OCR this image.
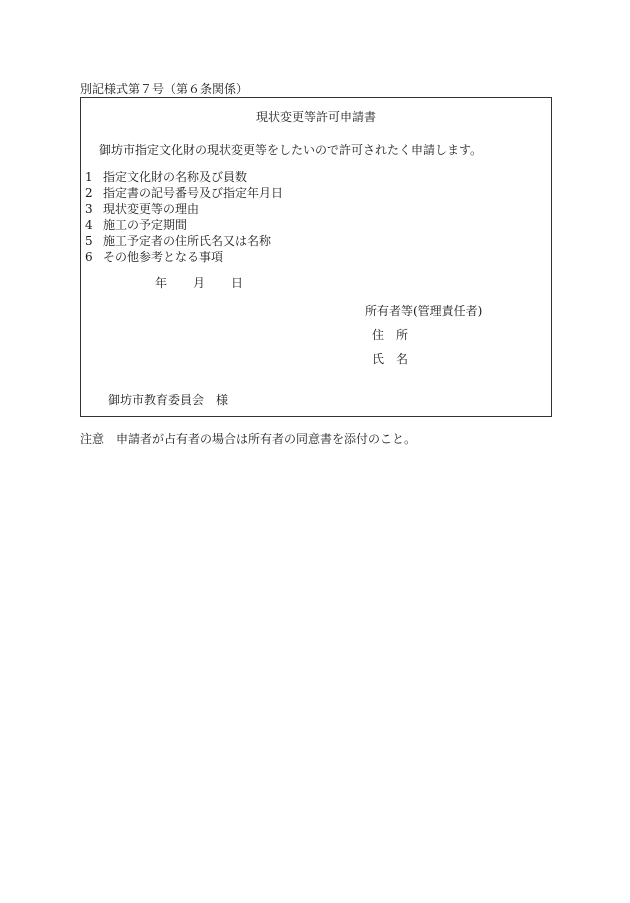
別記様式第７号（第６条関係）
現状変更等許可申請書
御坊市指定文化財の現状変更等をしたいので許可されたく申請します。
1 指定文化財の名称及び員数
2 指定書の記号番号及び指定年月日
3 現状変更等の理由
4 施工の予定期間
5 施工予定者の住所氏名又は名称
6 その他参考となる事項
年 月 日
所有者等(管理責任者)
住　所
氏　名
御坊市教育委員会　様
注意　申請者が占有者の場合は所有者の同意書を添付のこと。
